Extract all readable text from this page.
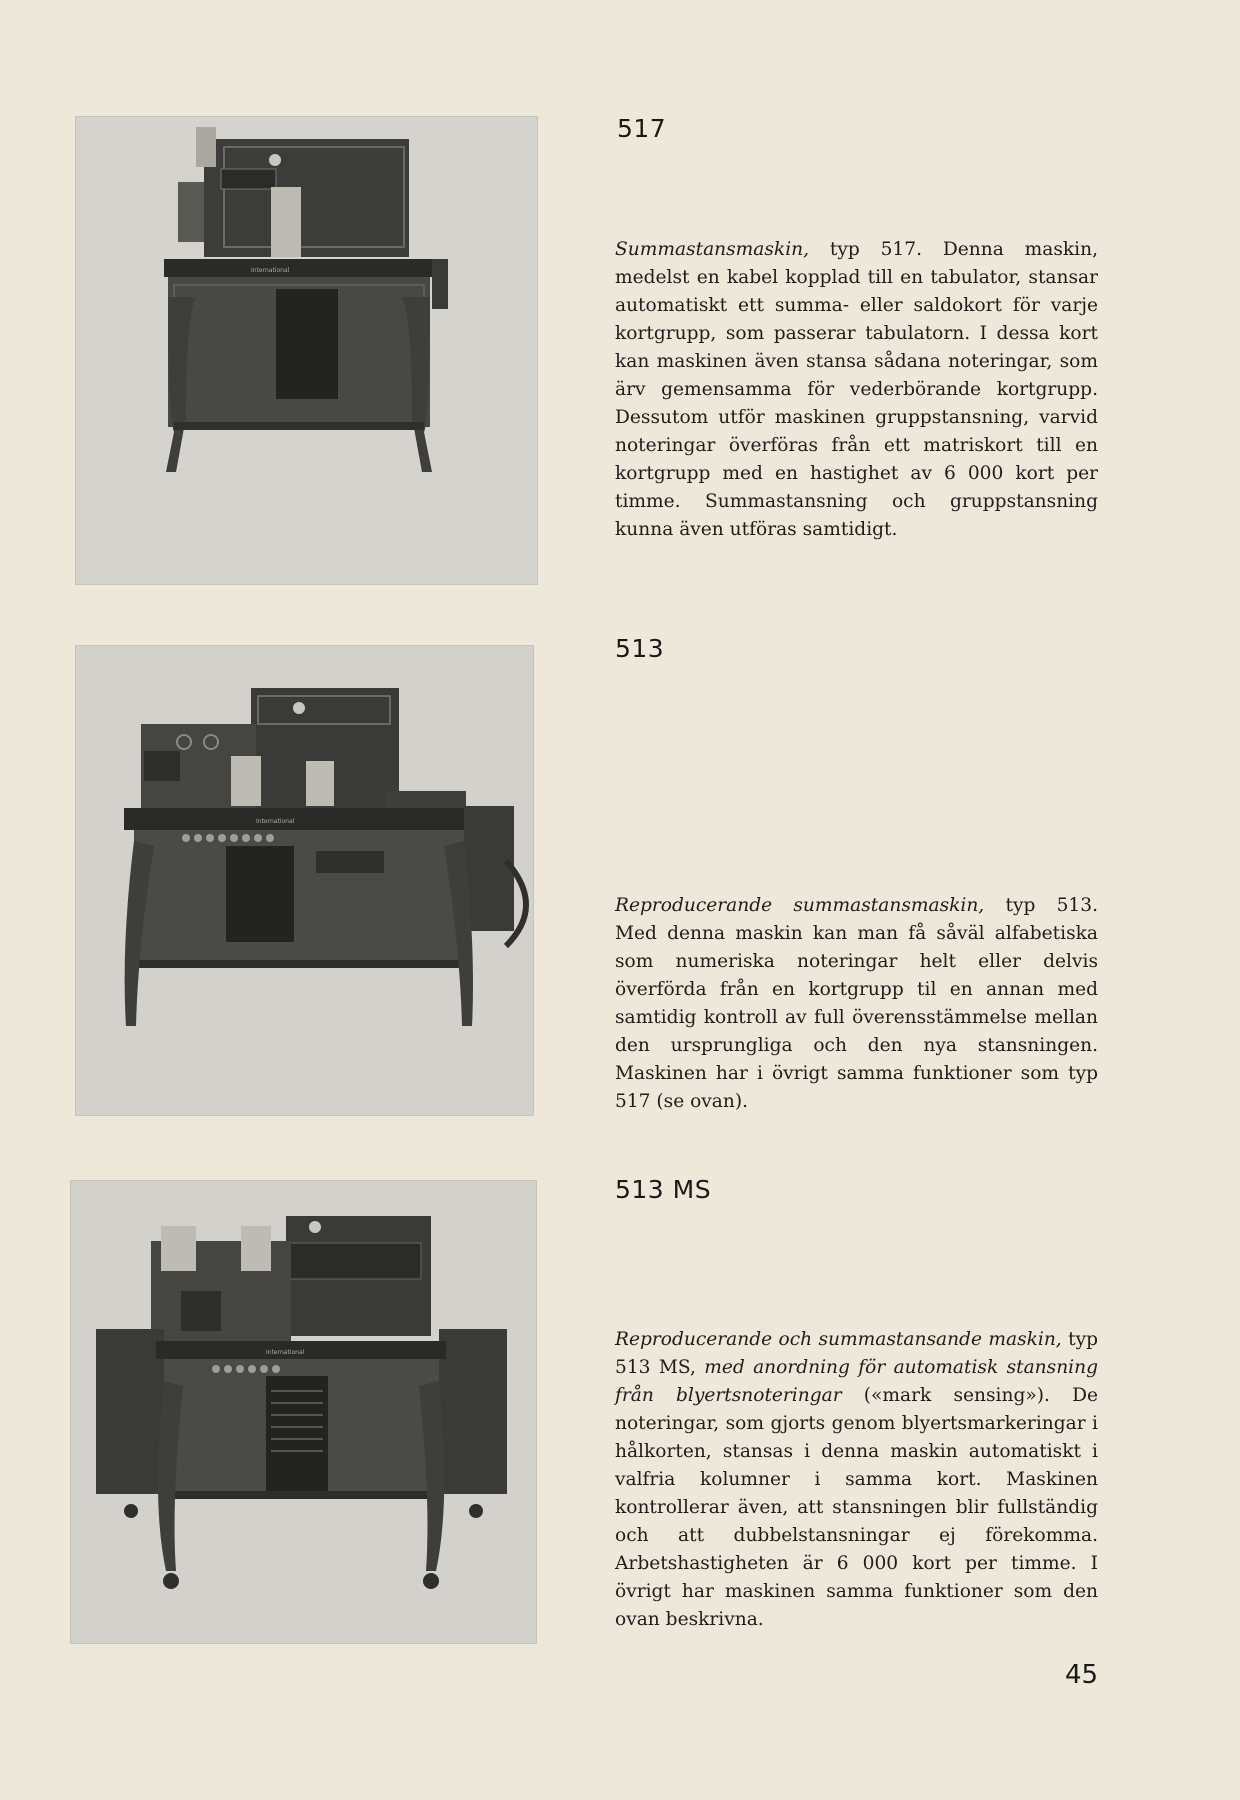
International
517

Summastansmaskin, typ 517. Denna maskin, medelst en kabel kopplad till en tabulator, stansar automatiskt ett summa- eller saldokort för varje kortgrupp, som passerar tabulatorn. I dessa kort kan maskinen även stansa sådana noteringar, som ärv gemensamma för vederbörande kortgrupp. Dessutom utför maskinen gruppstansning, varvid noteringar överföras från ett matriskort till en kortgrupp med en hastighet av 6 000 kort per timme. Summastansning och gruppstansning kunna även utföras samtidigt.

International
513

Reproducerande summastansmaskin, typ 513. Med denna maskin kan man få såväl alfabetiska som numeriska noteringar helt eller delvis överförda från en kortgrupp til en annan med samtidig kontroll av full överensstämmelse mellan den ursprungliga och den nya stansningen. Maskinen har i övrigt samma funktioner som typ 517 (se ovan).

International
513 MS

Reproducerande och summastansande maskin, typ 513 MS, med anordning för automatisk stansning från blyertsnoteringar («mark sensing»). De noteringar, som gjorts genom blyertsmarkeringar i hålkorten, stansas i denna maskin automatiskt i valfria kolumner i samma kort. Maskinen kontrollerar även, att stansningen blir fullständig och att dubbelstansningar ej förekomma. Arbetshastigheten är 6 000 kort per timme. I övrigt har maskinen samma funktioner som den ovan beskrivna.

45
